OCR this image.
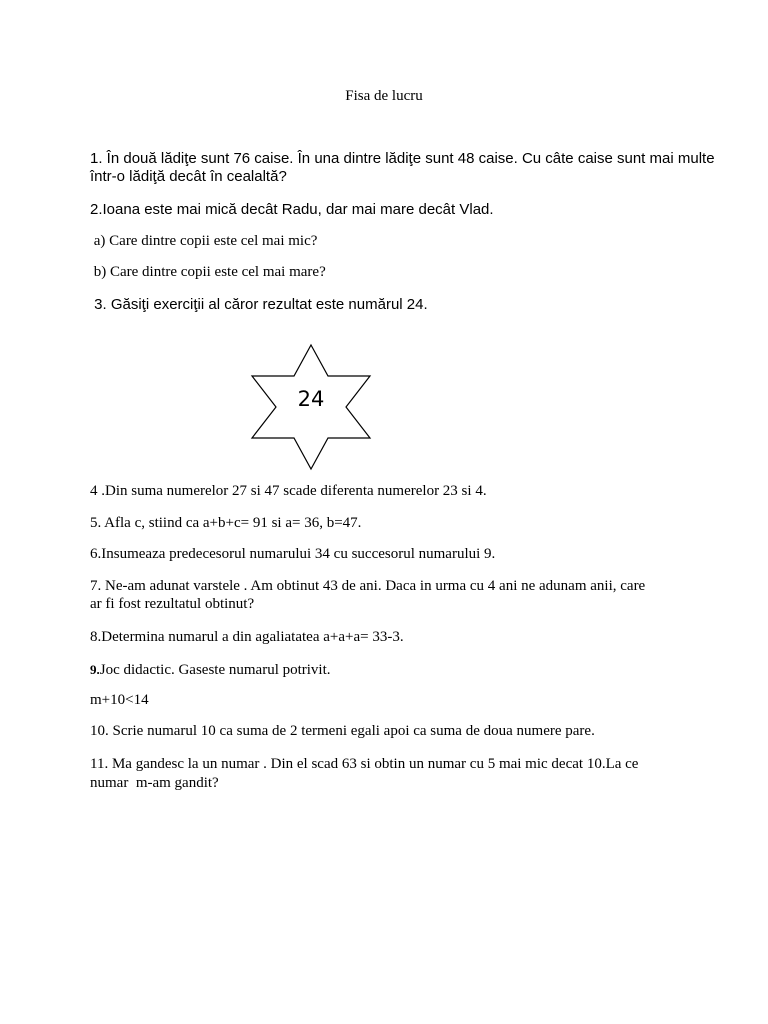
Fisa de lucru
1. În două lădiţe sunt 76 caise. În una dintre lădiţe sunt 48 caise. Cu câte caise sunt mai multe
într-o lădiţă decât în cealaltă?
2.Ioana este mai mică decât Radu, dar mai mare decât Vlad.
a) Care dintre copii este cel mai mic?
b) Care dintre copii este cel mai mare?
3. Găsiţi exerciţii al căror rezultat este numărul 24.
24
4 .Din suma numerelor 27 si 47 scade diferenta numerelor 23 si 4.
5. Afla c, stiind ca a+b+c= 91 si a= 36, b=47.
6.Insumeaza predecesorul numarului 34 cu succesorul numarului 9.
7. Ne-am adunat varstele . Am obtinut 43 de ani. Daca in urma cu 4 ani ne adunam anii, care
ar fi fost rezultatul obtinut?
8.Determina numarul a din agaliatatea a+a+a= 33-3.
9.Joc didactic. Gaseste numarul potrivit.
m+10<14
10. Scrie numarul 10 ca suma de 2 termeni egali apoi ca suma de doua numere pare.
11. Ma gandesc la un numar . Din el scad 63 si obtin un numar cu 5 mai mic decat 10.La ce
numar  m-am gandit?
